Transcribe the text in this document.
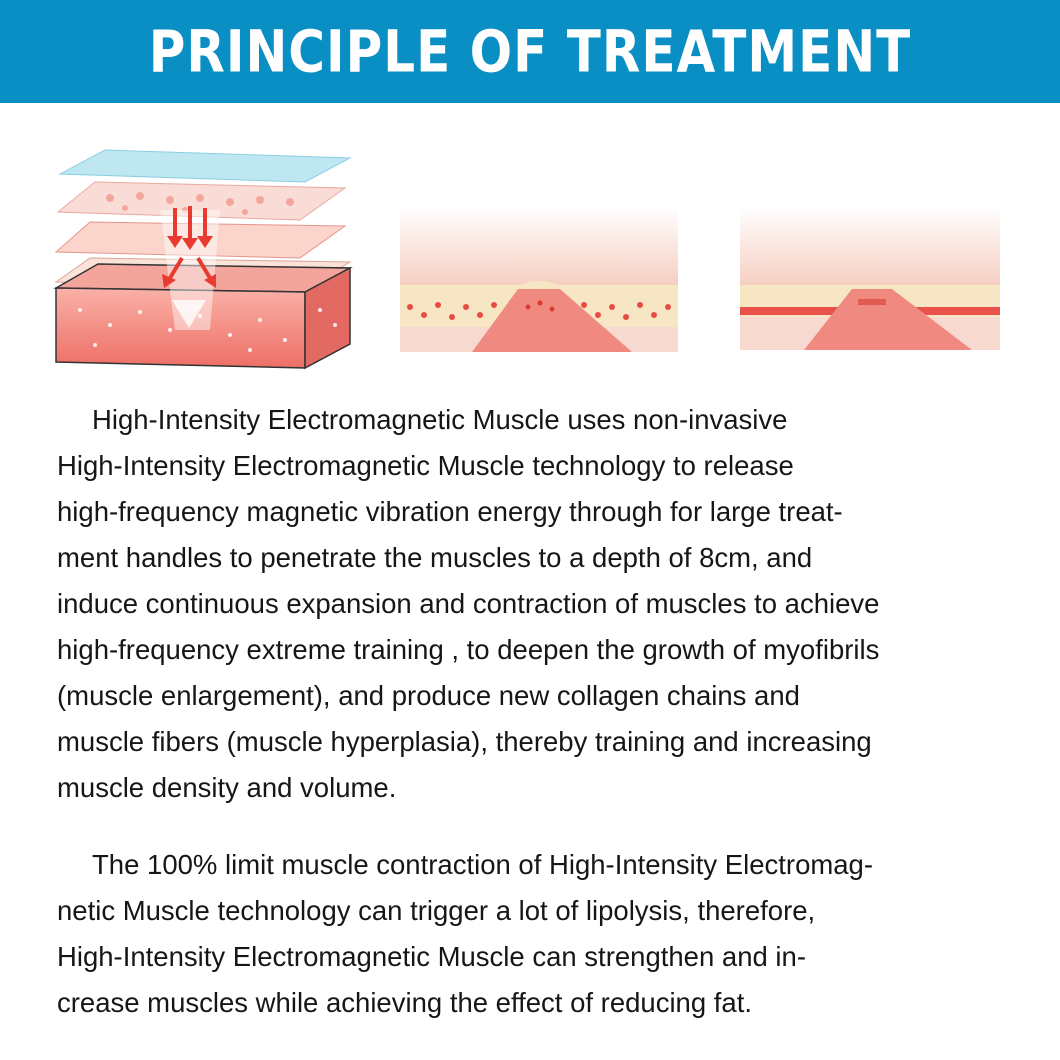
PRINCIPLE OF TREATMENT

High-Intensity Electromagnetic Muscle uses non-invasive
High-Intensity Electromagnetic Muscle technology to release
high-frequency magnetic vibration energy through for large treat-
ment handles to penetrate the muscles to a depth of 8cm, and
induce continuous expansion and contraction of muscles to achieve
high-frequency extreme training , to deepen the growth of myofibrils
(muscle enlargement), and produce new collagen chains and
muscle fibers (muscle hyperplasia), thereby training and increasing
muscle density and volume.

The 100% limit muscle contraction of High-Intensity Electromag-
netic Muscle technology can trigger a lot of lipolysis, therefore,
High-Intensity Electromagnetic Muscle can strengthen and in-
crease muscles while achieving the effect of reducing fat.
